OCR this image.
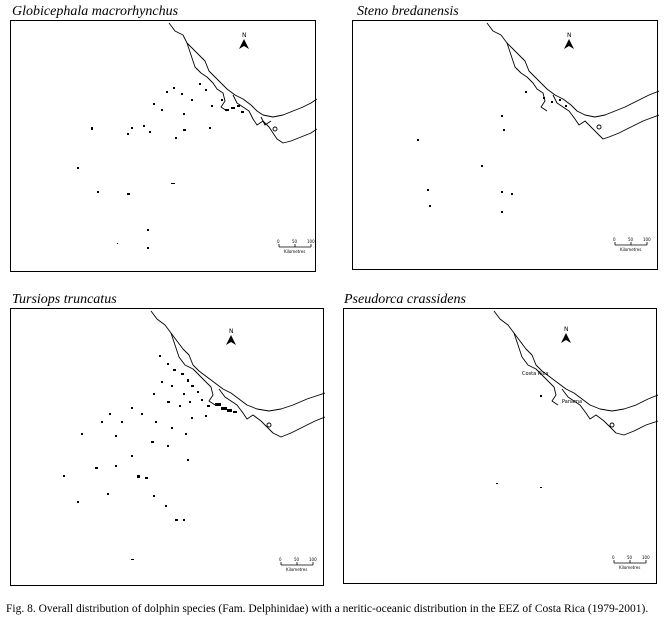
Globicephala macrorhynchus
N
0	50 100
Kilometres
Steno bredanensis
N
0	50 100
Kilometres
Tursiops truncatus
N
0	50 100
Kilometres
Pseudorca crassidens
N
Costa Rica
Panama
0	50 100
Kilometres
Fig. 8. Overall distribution of dolphin species (Fam. Delphinidae) with a neritic-oceanic distribution in the EEZ of Costa Rica (1979-2001).
